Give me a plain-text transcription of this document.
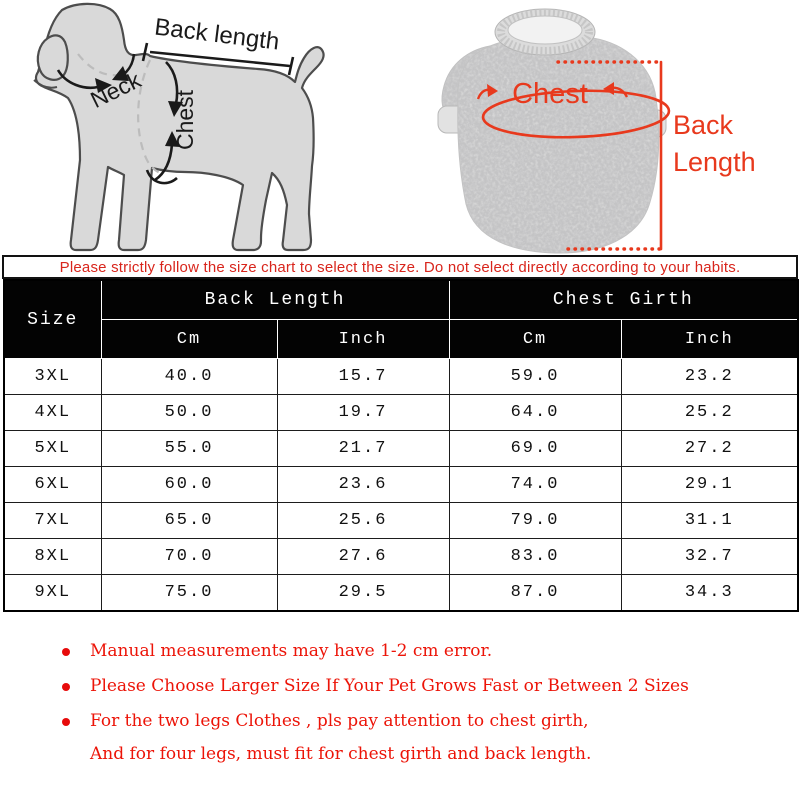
Back length
Neck
Chest	Chest
Back
Length
Please strictly follow the size chart to select the size. Do not select directly according to your habits.
Size	Back Length		Chest Girth	
	Cm	Inch	Cm	Inch
3XL	40.0	15.7	59.0	23.2
4XL	50.0	19.7	64.0	25.2
5XL	55.0	21.7	69.0	27.2
6XL	60.0	23.6	74.0	29.1
7XL	65.0	25.6	79.0	31.1
8XL	70.0	27.6	83.0	32.7
9XL	75.0	29.5	87.0	34.3
Manual measurements may have 1-2 cm error.
Please Choose Larger Size If Your Pet Grows Fast or Between 2 Sizes
For the two legs Clothes , pls pay attention to chest girth,
And for four legs, must fit for chest girth and back length.
